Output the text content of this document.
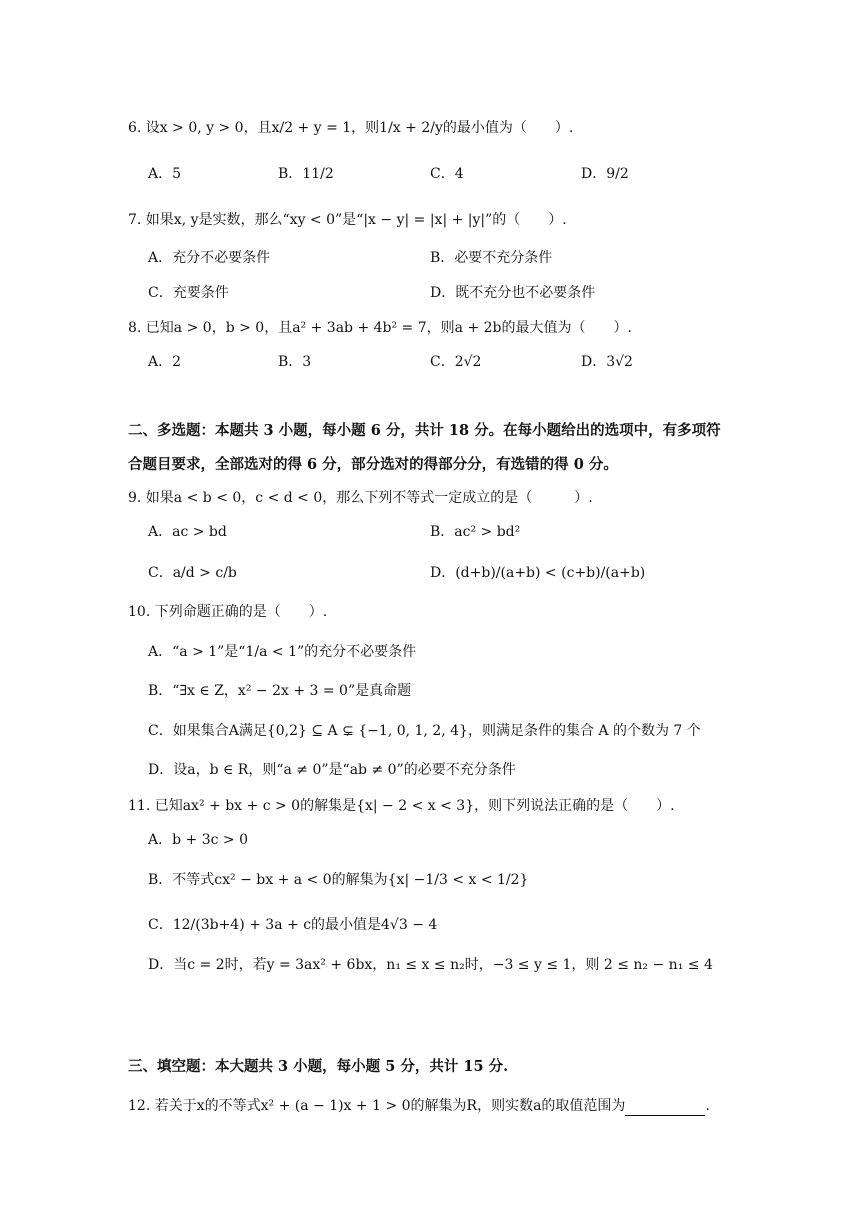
6. 设x > 0, y > 0，且x/2 + y = 1，则1/x + 2/y的最小值为（　　）.
A．5	B．11/2	C．4	D．9/2
7. 如果x, y是实数，那么“xy < 0”是“|x − y| = |x| + |y|”的（　　）.
A．充分不必要条件	B．必要不充分条件
C．充要条件	D．既不充分也不必要条件
8. 已知a > 0，b > 0，且a² + 3ab + 4b² = 7，则a + 2b的最大值为（　　）.
A．2	B．3	C．2√2	D．3√2
二、多选题：本题共 3 小题，每小题 6 分，共计 18 分。在每小题给出的选项中，有多项符
合题目要求，全部选对的得 6 分，部分选对的得部分分，有选错的得 0 分。
9. 如果a < b < 0，c < d < 0，那么下列不等式一定成立的是（　　　）.
A．ac > bd	B．ac² > bd²
C．a/d > c/b	D．(d+b)/(a+b) < (c+b)/(a+b)
10. 下列命题正确的是（　　）.
A．“a > 1”是“1/a < 1”的充分不必要条件
B．“∃x ∈ Z，x² − 2x + 3 = 0”是真命题
C．如果集合A满足{0,2} ⊆ A ⊊ {−1, 0, 1, 2, 4}，则满足条件的集合 A 的个数为 7 个
D．设a，b ∈ R，则“a ≠ 0”是“ab ≠ 0”的必要不充分条件
11. 已知ax² + bx + c > 0的解集是{x| − 2 < x < 3}，则下列说法正确的是（　　）.
A．b + 3c > 0
B．不等式cx² − bx + a < 0的解集为{x| −1/3 < x < 1/2}
C．12/(3b+4) + 3a + c的最小值是4√3 − 4
D．当c = 2时，若y = 3ax² + 6bx，n₁ ≤ x ≤ n₂时，−3 ≤ y ≤ 1，则 2 ≤ n₂ − n₁ ≤ 4
三、填空题：本大题共 3 小题，每小题 5 分，共计 15 分.
12. 若关于x的不等式x² + (a − 1)x + 1 > 0的解集为R，则实数a的取值范围为	.
